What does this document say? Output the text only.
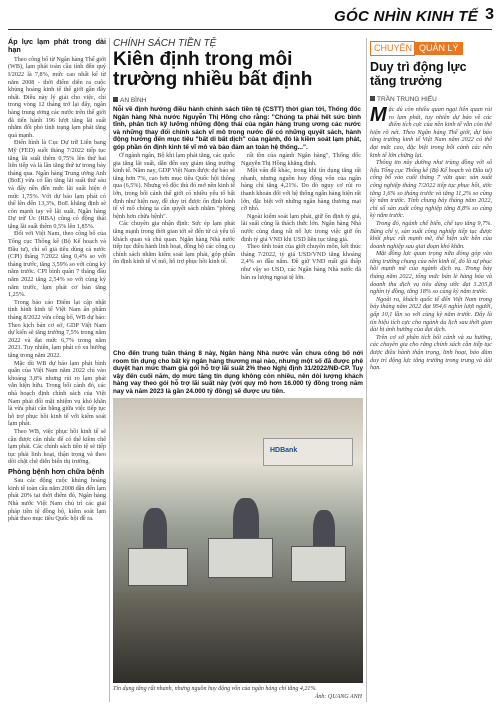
GÓC NHÌN KINH TẾ 3

Áp lực lạm phát trong dài hạn

Theo công bố từ Ngân hàng Thế giới (WB), lạm phát toàn cầu tính đến quý I/2022 là 7,8%, mức cao nhất kể từ năm 2008 - thời điểm diễn ra cuộc khủng hoảng kinh tế thế giới gần đây nhất. Điều này lý giải cho việc, chỉ trong vòng 12 tháng trở lại đây, ngân hàng trung ương các nước trên thế giới đã tiến hành 196 lượt tăng lãi suất nhằm đối phó tình trạng lạm phát tăng quá mạnh.

Điển hình là Cục Dự trữ Liên bang Mỹ (FED) suốt tháng 7/2022 tiếp tục tăng lãi suất thêm 0,75% lên thứ hai liên tiếp và là lần tăng thứ tư trong bảy tháng qua. Ngân hàng Trung ương Anh (BoE) vừa có lần tăng lãi suất thứ sáu và đẩy nền đến mức lãi suất hiện ở mức 1,75%. Với dự báo lạm phát có thể lên đến 13,3%, BoE khẳng định sẽ còn mạnh tay về lãi suất. Ngân hàng Dự trữ Úc (RBA) cũng có động thái tăng lãi suất thêm 0,5% lên 1,85%.

Đối với Việt Nam, theo công bố của Tổng cục Thống kê (Bộ Kế hoạch và Đầu tư), chỉ số giá tiêu dùng cả nước (CPI) tháng 7/2022 tăng 0,4% so với tháng trước, tăng 3,59% so với cùng kỳ năm trước. CPI bình quân 7 tháng đầu năm 2022 tăng 2,54% so với cùng kỳ năm trước, lạm phát cơ bản tăng 1,25%.

Trong bảo cáo Điểm lại cập nhật tình hình kinh tế Việt Nam ấn phẩm tháng 8/2022 vừa công bố, WB dự báo: Theo kịch bản cơ sở, GDP Việt Nam dự kiến sẽ tăng trưởng 7,5% trong năm 2022 và đạt mức 6,7% trong năm 2023. Tuy nhiên, lạm phát có xu hướng tăng trong năm 2022.

Mặc dù WB dự báo lạm phát bình quân của Việt Nam năm 2022 chỉ vào khoảng 3,8% nhưng rủi ro lạm phát vẫn hiện hữu. Trong bối cảnh đó, các nhà hoạch định chính sách của Việt Nam phải đối mặt nhiệm vụ khó khăn là vừa phải cân bằng giữa việc tiếp tục hỗ trợ phục hồi kinh tế với kiểm soát lạm phát.

Theo WB, việc phục hồi kinh tế sẽ cần được cân nhắc để có thể kiềm chế lạm phát. Các chính sách tiền tệ sẽ tiếp tục phải linh hoạt, thận trọng và theo dõi chặt chẽ diễn biến thị trường.

Phòng bệnh hơn chữa bệnh

Sau các động cuộc khủng hoảng kinh tế toàn cầu năm 2008 dẫn đến lạm phát 20% tại thời điểm đó, Ngân hàng Nhà nước Việt Nam chủ trì các giải pháp tiền tệ đồng bộ, kiểm soát lạm phát theo mục tiêu Quốc hội đề ra.

CHÍNH SÁCH TIỀN TỆ
Kiên định trong môi trường nhiều bất định
AN BÌNH
Nỗi về định hướng điều hành chính sách tiền tệ (CSTT) thời gian tới, Thống đốc Ngân hàng Nhà nước Nguyễn Thị Hồng cho rằng: "Chúng ta phải hết sức bình tĩnh, phân tích kỹ lưỡng những động thái của ngân hàng trung ương các nước và những thay đổi chính sách vĩ mô trong nước để có những quyết sách, hành động hướng đến mục tiêu "bất di bất dịch" của ngành, đó là kiềm soát lạm phát, góp phần ổn định kinh tế vĩ mô và bảo đảm an toàn hệ thống...".

Ở ngành ngân, Bộ khi lạm phát tăng, các quốc gia tăng lãi suất, dẫn đến suy giảm tăng trưởng kinh tế. Năm nay, GDP Việt Nam được dự báo sẽ tăng hơn 7%, cao hơn mục tiêu Quốc hội thông qua (6,5%). Nhưng vô độc thù đó mở nền kinh tế lớn, trong bối cảnh thế giới có nhiều yếu tố bất định như hiện nay, đề duy trì được ổn định kinh tế vĩ mô chúng ta cần quyết sách nhằm "phòng bệnh hơn chữa bệnh".

Các chuyên gia nhận định: Sức ép lạm phát tăng mạnh trong thời gian tới sẽ đến từ cả yếu tố khách quan và chủ quan. Ngân hàng Nhà nước tiếp tục điều hành linh hoạt, đồng bộ các công cụ chính sách nhằm kiểm soát lạm phát, góp phần ổn định kinh tế vĩ mô, hỗ trợ phục hồi kinh tế.

rất tồn của ngành Ngân hàng", Thống đốc Nguyễn Thị Hồng khẳng định.

Một vấn đề khác, trong khi tín dụng tăng rất nhanh, nhưng nguồn huy động vốn của ngân hàng chỉ tăng 4,21%. Do đó nguy cơ rủi ro thanh khoản đối với hệ thống ngân hàng hiện rất lớn, đặc biệt với những ngân hàng thương mại cỡ nhỏ.

Ngoài kiểm soát lạm phát, giữ ổn định tỷ giá, lãi suất cũng là thách thức lớn. Ngân hàng Nhà nước cùng đang rất nỗ lực trong việc giữ ổn định tỷ giá VND khi USD liên tục tăng giá.

Theo tính toán của giới chuyên môn, kết thúc tháng 7/2022, tỷ giá USD/VND tăng khoảng 2,4% so đầu năm. Đề giữ VND mất giá thấp như vậy so USD, các Ngân hàng Nhà nước đã bán ra lượng ngoại tệ lớn.

Cho đến trung tuần tháng 8 này, Ngân hàng Nhà nước vẫn chưa công bố nới room tín dụng cho bất kỳ ngân hàng thương mại nào, nhưng một số đã được phê duyệt hạn mức tham gia gói hỗ trợ lãi suất 2% theo Nghị định 31/2022/NĐ-CP. Tuy vậy đến cuối năm, do mức tăng tín dụng không còn nhiều, nên dòi lượng khách hàng vay theo gói hỗ trợ lãi suất này (với quy mô hơn 16.000 tỷ đồng trong năm nay và năm 2023 là gần 24.000 tỷ đồng) sẽ được ưu tiên.
HDBank
Tín dụng tăng rất nhanh, nhưng nguồn huy động vốn của ngân hàng chỉ tăng 4,21%.
Ảnh: QUANG ANH
CHUYÊN QUẢN LÝ
Duy trì động lực tăng trưởng
TRẦN TRUNG HIẾU

Mặc dù còn nhiều quan ngại liên quan rủi ro lạm phát, tuy nhiên dự báo về các điểm tích cực của nền kinh tế vẫn còn thể hiện rõ nét. Theo Ngân hàng Thế giới, dự báo tăng trưởng kinh tế Việt Nam năm 2022 có thể đạt mức cao, đặc biệt trong bối cảnh các nền kinh tế lớn chững lại.

Thông tin này dường như trùng đồng với số liệu Tổng cục Thống kê (Bộ Kế hoạch và Đầu tư) công bố vào cuối tháng 7 vừa qua: sản xuất công nghiệp tháng 7/2022 tiếp tục phục hồi, ước tăng 1,6% so tháng trước và tăng 11,2% so cùng kỳ năm trước. Tính chung bảy tháng năm 2022, chỉ số sản xuất công nghiệp tăng 8,8% so cùng kỳ năm trước.

Trong đó, ngành chế biến, chế tạo tăng 9,7%. Bảng chỉ y, sản xuất công nghiệp tiếp tục được khôi phục rất mạnh mẽ, thể hiện sức bền của doanh nghiệp sau giai đoạn khó khăn.

Mặt đồng lực quan trọng nữa đóng góp vào tăng trưởng chung của nền kinh tế, đó là sự phục hồi mạnh mẽ của ngành dịch vụ. Trong bảy tháng năm 2022, tổng mức bán lẻ hàng hóa và doanh thu dịch vụ tiêu dùng ước đạt 3.205,8 nghìn tỷ đồng, tăng 18% so cùng kỳ năm trước.

Ngoài ra, khách quốc tế đến Việt Nam trong bảy tháng năm 2022 đạt 954,6 nghìn lượt người, gấp 10,1 lần so với cùng kỳ năm trước. Đây là tín hiệu tích cực cho ngành du lịch sau thời gian dài bị ảnh hưởng của đại dịch.

Trên cơ sở phân tích bối cảnh và xu hướng, các chuyên gia cho rằng chính sách cần tiếp tục được điều hành thận trọng, linh hoạt, bảo đảm duy trì động lực tăng trưởng trong trung và dài hạn.
